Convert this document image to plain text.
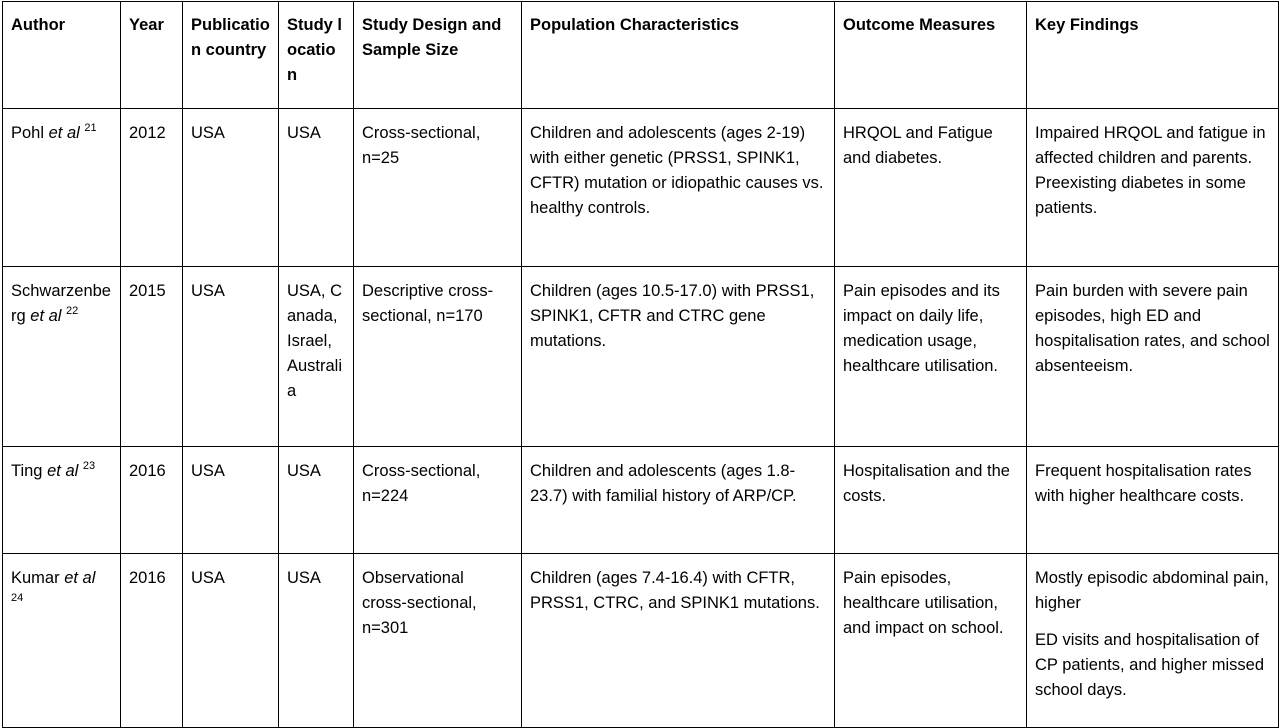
Author	Year	Publication country	Study location	Study Design and Sample Size	Population Characteristics	Outcome Measures	Key Findings
Pohl et al $^{21}$	2012	USA	USA	Cross-sectional, n=25	Children and adolescents (ages 2-19) with either genetic (PRSS1, SPINK1, CFTR) mutation or idiopathic causes vs. healthy controls.	HRQOL and Fatigue and diabetes.	Impaired HRQOL and fatigue in affected children and parents. Preexisting diabetes in some patients.
Schwarzenberg et al $^{22}$	2015	USA	USA, Canada, Israel, Australia	Descriptive cross-sectional, n=170	Children (ages 10.5-17.0) with PRSS1, SPINK1, CFTR and CTRC gene mutations.	Pain episodes and its impact on daily life, medication usage, healthcare utilisation.	Pain burden with severe pain episodes, high ED and hospitalisation rates, and school absenteeism.
Ting et al $^{23}$	2016	USA	USA	Cross-sectional, n=224	Children and adolescents (ages 1.8-23.7) with familial history of ARP/CP.	Hospitalisation and the costs.	Frequent hospitalisation rates with higher healthcare costs.
Kumar et al $^{24}$	2016	USA	USA	Observational cross-sectional, n=301	Children (ages 7.4-16.4) with CFTR, PRSS1, CTRC, and SPINK1 mutations.	Pain episodes, healthcare utilisation, and impact on school.	Mostly episodic abdominal pain, higher
ED visits and hospitalisation of CP patients, and higher missed school days.
